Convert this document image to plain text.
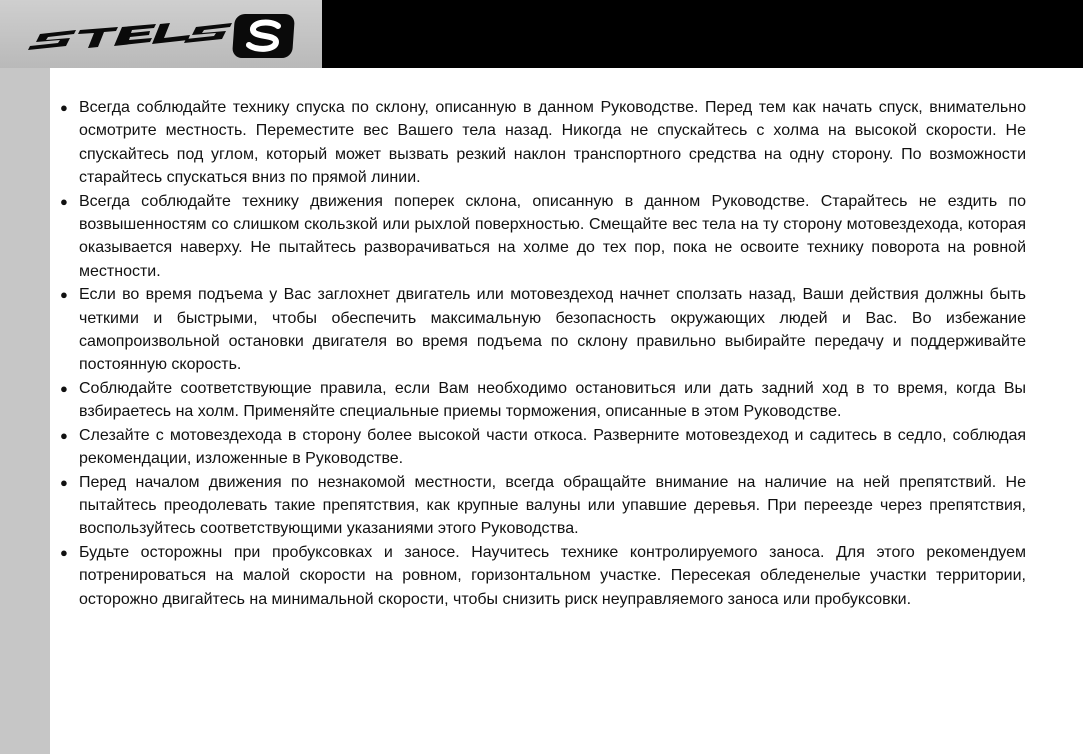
● Всегда соблюдайте технику спуска по склону, описанную в данном Руководстве. Перед тем как начать спуск, внимательно осмотрите местность. Переместите вес Вашего тела назад. Никогда не спускайтесь с холма на высокой скорости. Не спускайтесь под углом, который может вызвать резкий наклон транспортного средства на одну сторону. По возможности старайтесь спускаться вниз по прямой линии.
● Всегда соблюдайте технику движения поперек склона, описанную в данном Руководстве. Старайтесь не ездить по возвышенностям со слишком скользкой или рыхлой поверхностью. Смещайте вес тела на ту сторону мотовездехода, которая оказывается наверху. Не пытайтесь разворачиваться на холме до тех пор, пока не освоите технику поворота на ровной местности.
● Если во время подъема у Вас заглохнет двигатель или мотовездеход начнет сползать назад, Ваши действия должны быть четкими и быстрыми, чтобы обеспечить максимальную безопасность окружающих людей и Вас. Во избежание самопроизвольной остановки двигателя во время подъема по склону правильно выбирайте передачу и поддерживайте постоянную скорость.
● Соблюдайте соответствующие правила, если Вам необходимо остановиться или дать задний ход в то время, когда Вы взбираетесь на холм. Применяйте специальные приемы торможения, описанные в этом Руководстве.
● Слезайте с мотовездехода в сторону более высокой части откоса. Разверните мотовездеход и садитесь в седло, соблюдая рекомендации, изложенные в Руководстве.
● Перед началом движения по незнакомой местности, всегда обращайте внимание на наличие на ней препятствий. Не пытайтесь преодолевать такие препятствия, как крупные валуны или упавшие деревья. При переезде через препятствия, воспользуйтесь соответствующими указаниями этого Руководства.
● Будьте осторожны при пробуксовках и заносе. Научитесь технике контролируемого заноса. Для этого рекомендуем потренироваться на малой скорости на ровном, горизонтальном участке. Пересекая обледенелые участки территории, осторожно двигайтесь на минимальной скорости, чтобы снизить риск неуправляемого заноса или пробуксовки.
